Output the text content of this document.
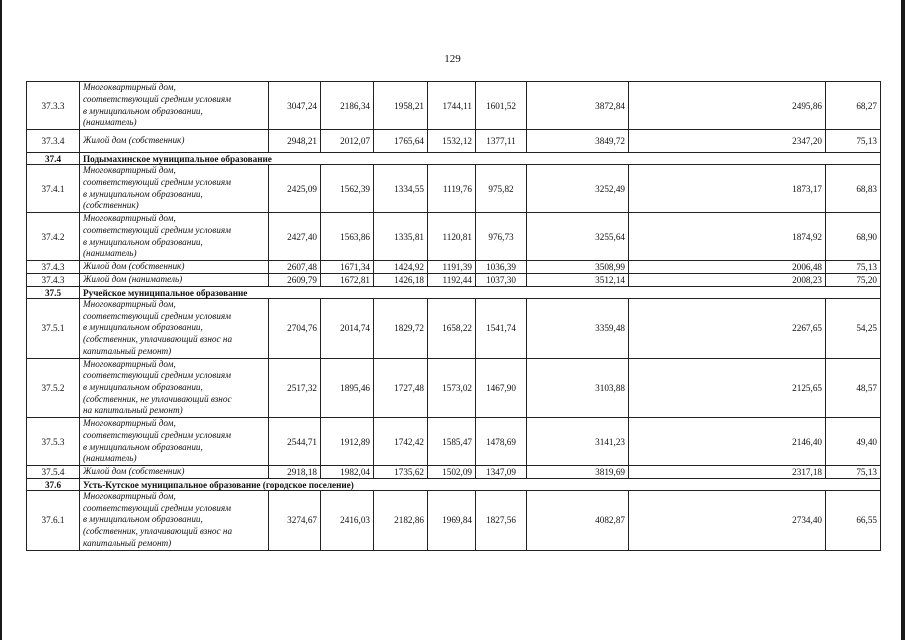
129
37.3.3	Многоквартирный дом,
соответствующий средним условиям
в муниципальном образовании,
(наниматель)	3047,24	2186,34	1958,21	1744,11	1601,52	3872,84	2495,86	68,27
37.3.4	Жилой дом (собственник)	2948,21	2012,07	1765,64	1532,12	1377,11	3849,72	2347,20	75,13
37.4	Подымахинское муниципальное образование								
37.4.1	Многоквартирный дом,
соответствующий средним условиям
в муниципальном образовании,
(собственник)	2425,09	1562,39	1334,55	1119,76	975,82	3252,49	1873,17	68,83
37.4.2	Многоквартирный дом,
соответствующий средним условиям
в муниципальном образовании,
(наниматель)	2427,40	1563,86	1335,81	1120,81	976,73	3255,64	1874,92	68,90
37.4.3	Жилой дом (собственник)	2607,48	1671,34	1424,92	1191,39	1036,39	3508,99	2006,48	75,13
37.4.3	Жилой дом (наниматель)	2609,79	1672,81	1426,18	1192,44	1037,30	3512,14	2008,23	75,20
37.5	Ручейское муниципальное образование								
37.5.1	Многоквартирный дом,
соответствующий средним условиям
в муниципальном образовании,
(собственник, уплачивающий взнос на
капитальный ремонт)	2704,76	2014,74	1829,72	1658,22	1541,74	3359,48	2267,65	54,25
37.5.2	Многоквартирный дом,
соответствующий средним условиям
в муниципальном образовании,
(собственник, не уплачивающий взнос
на капитальный ремонт)	2517,32	1895,46	1727,48	1573,02	1467,90	3103,88	2125,65	48,57
37.5.3	Многоквартирный дом,
соответствующий средним условиям
в муниципальном образовании,
(наниматель)	2544,71	1912,89	1742,42	1585,47	1478,69	3141,23	2146,40	49,40
37.5.4	Жилой дом (собственник)	2918,18	1982,04	1735,62	1502,09	1347,09	3819,69	2317,18	75,13
37.6	Усть-Кутское муниципальное образование (городское поселение)								
37.6.1	Многоквартирный дом,
соответствующий средним условиям
в муниципальном образовании,
(собственник, уплачивающий взнос на
капитальный ремонт)	3274,67	2416,03	2182,86	1969,84	1827,56	4082,87	2734,40	66,55
